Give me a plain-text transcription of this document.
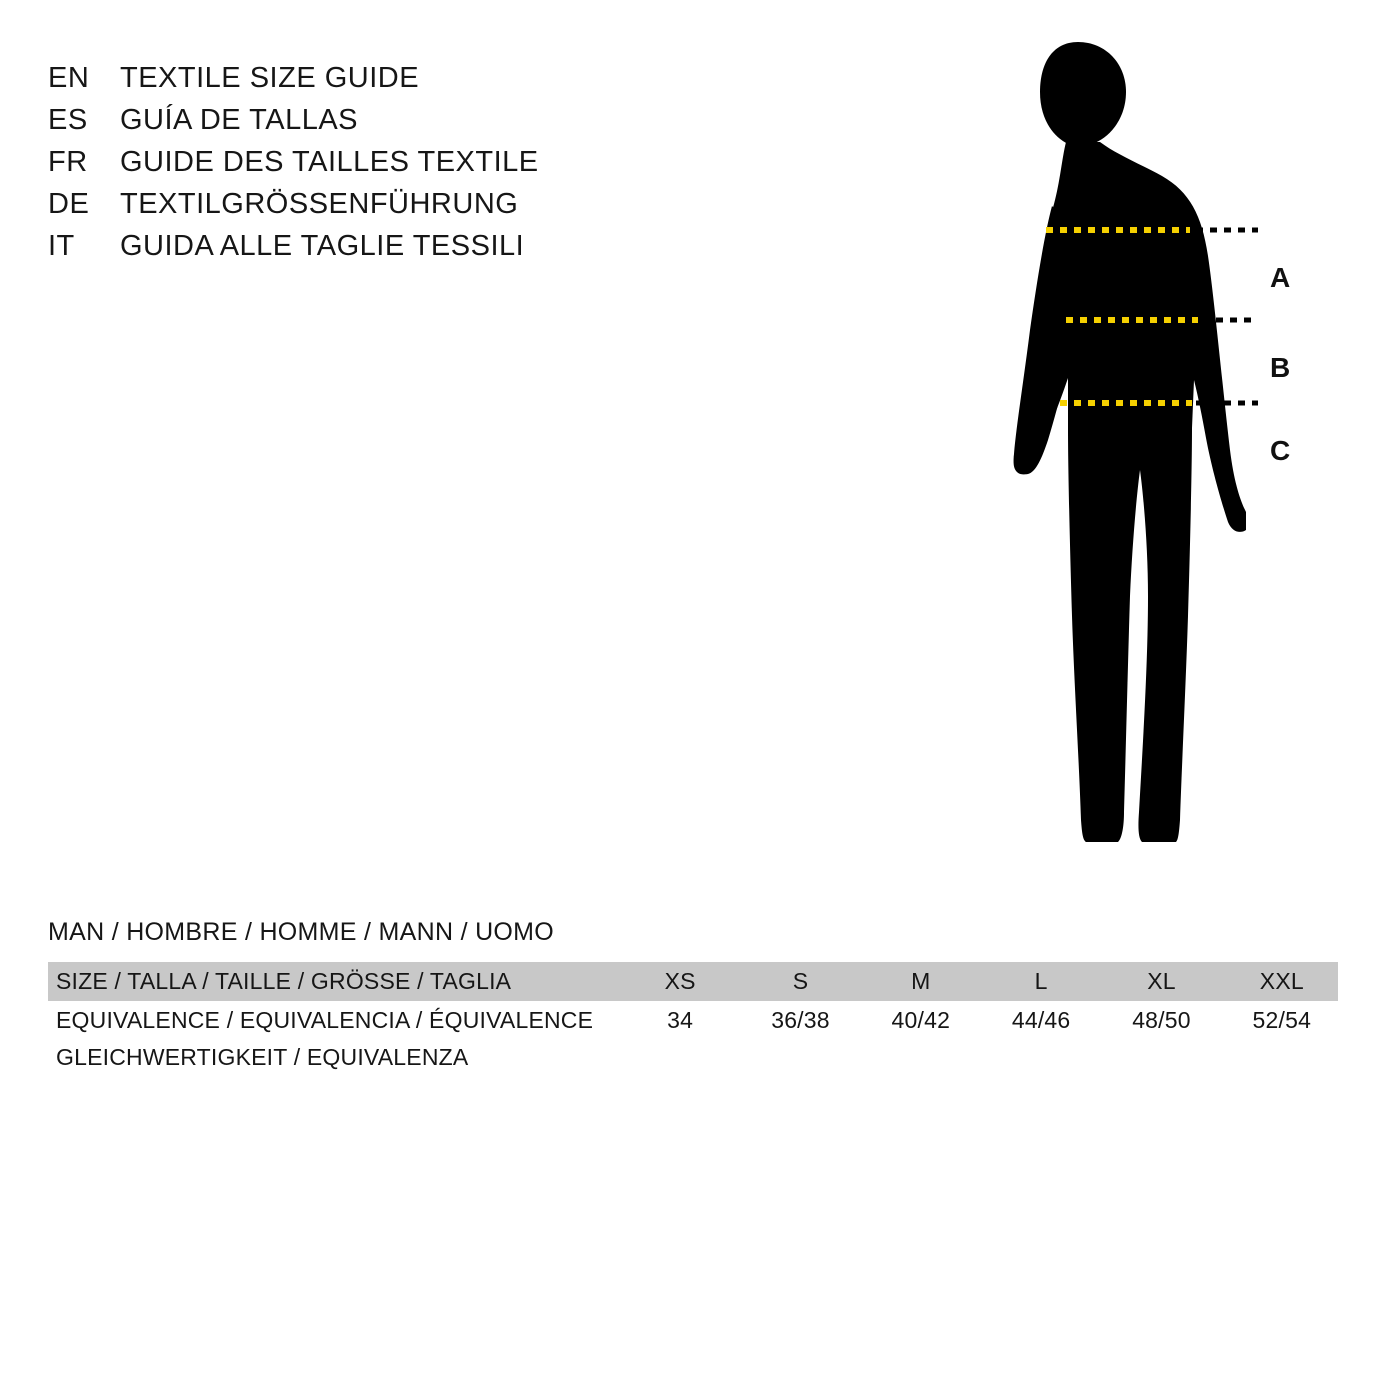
EN	TEXTILE SIZE GUIDE
ES	GUÍA DE TALLAS
FR	GUIDE DES TAILLES TEXTILE
DE	TEXTILGRÖSSENFÜHRUNG
IT	GUIDA ALLE TAGLIE TESSILI
A
B
C
MAN / HOMBRE / HOMME / MANN / UOMO
SIZE / TALLA / TAILLE / GRÖSSE / TAGLIA	XS	S	M	L	XL	XXL
EQUIVALENCE / EQUIVALENCIA / ÉQUIVALENCE	34	36/38	40/42	44/46	48/50	52/54
GLEICHWERTIGKEIT / EQUIVALENZA
